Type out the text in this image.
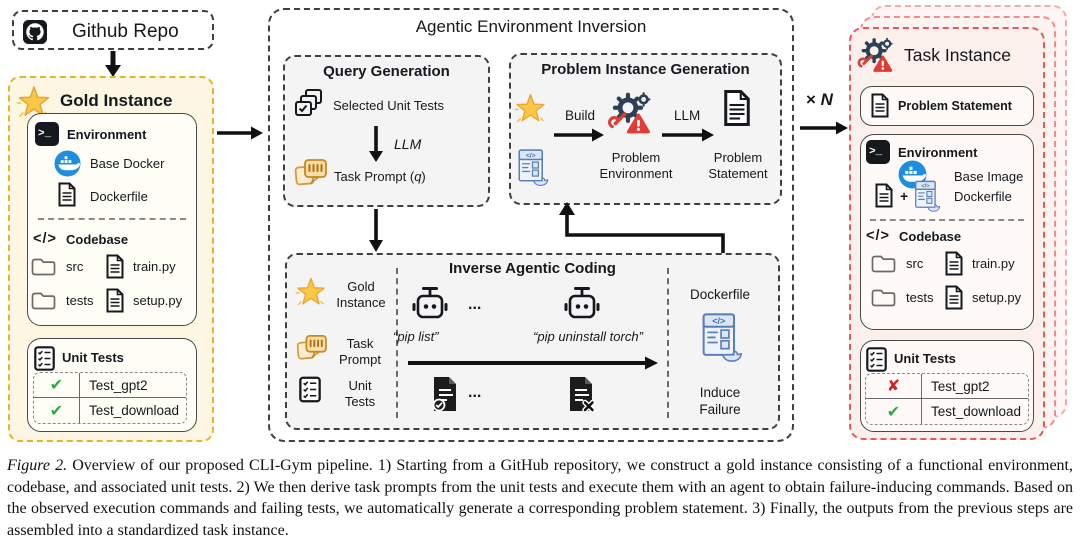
Github Repo
Gold Instance
>_ Environment
Base Docker
Dockerfile
</> Codebase
src	train.py
tests	setup.py
Unit Tests
✔	Test_gpt2
✔	Test_download
Agentic Environment Inversion
Query Generation
Selected Unit Tests
LLM
Task Prompt (q)
Problem Instance Generation
</>
Build
Problem Environment
LLM
Problem Statement
Inverse Agentic Coding
Gold Instance
Task Prompt
Unit Tests
...
“pip list”	“pip uninstall torch”
...
Dockerfile
</>
Induce Failure
× N
Task Instance
Problem Statement
>_ Environment
Base Image
+
</>
Dockerfile
</> Codebase
src	train.py
tests	setup.py
Unit Tests
✘	Test_gpt2
✔	Test_download
Figure 2. Overview of our proposed CLI-Gym pipeline. 1) Starting from a GitHub repository, we construct a gold instance consisting of a functional environment, codebase, and associated unit tests. 2) We then derive task prompts from the unit tests and execute them with an agent to obtain failure-inducing commands. Based on the observed execution commands and failing tests, we automatically generate a corresponding problem statement. 3) Finally, the outputs from the previous steps are assembled into a standardized task instance.
